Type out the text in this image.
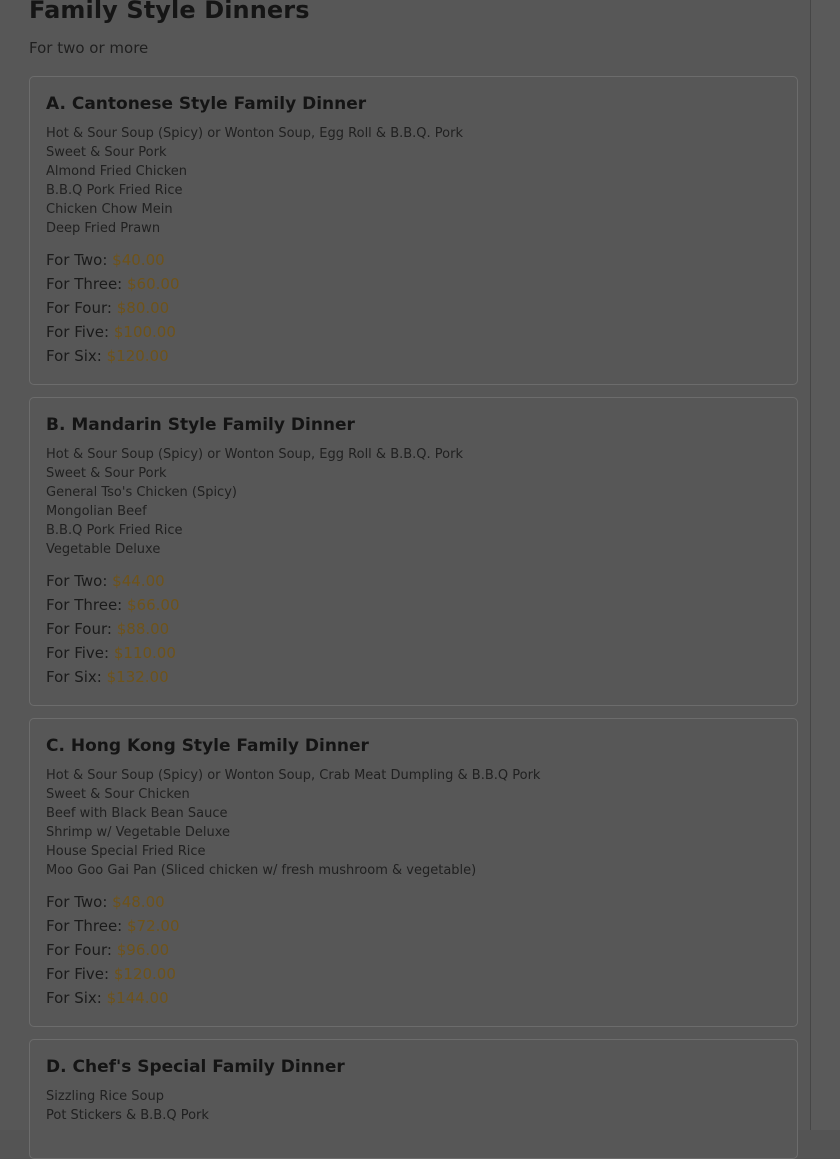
Family Style Dinners

For two or more

A. Cantonese Style Family Dinner
Hot & Sour Soup (Spicy) or Wonton Soup, Egg Roll & B.B.Q. Pork
Sweet & Sour Pork
Almond Fried Chicken
B.B.Q Pork Fried Rice
Chicken Chow Mein
Deep Fried Prawn
For Two: $40.00
For Three: $60.00
For Four: $80.00
For Five: $100.00
For Six: $120.00
B. Mandarin Style Family Dinner
Hot & Sour Soup (Spicy) or Wonton Soup, Egg Roll & B.B.Q. Pork
Sweet & Sour Pork
General Tso's Chicken (Spicy)
Mongolian Beef
B.B.Q Pork Fried Rice
Vegetable Deluxe
For Two: $44.00
For Three: $66.00
For Four: $88.00
For Five: $110.00
For Six: $132.00
C. Hong Kong Style Family Dinner
Hot & Sour Soup (Spicy) or Wonton Soup, Crab Meat Dumpling & B.B.Q Pork
Sweet & Sour Chicken
Beef with Black Bean Sauce
Shrimp w/ Vegetable Deluxe
House Special Fried Rice
Moo Goo Gai Pan (Sliced chicken w/ fresh mushroom & vegetable)
For Two: $48.00
For Three: $72.00
For Four: $96.00
For Five: $120.00
For Six: $144.00
D. Chef's Special Family Dinner
Sizzling Rice Soup
Pot Stickers & B.B.Q Pork
